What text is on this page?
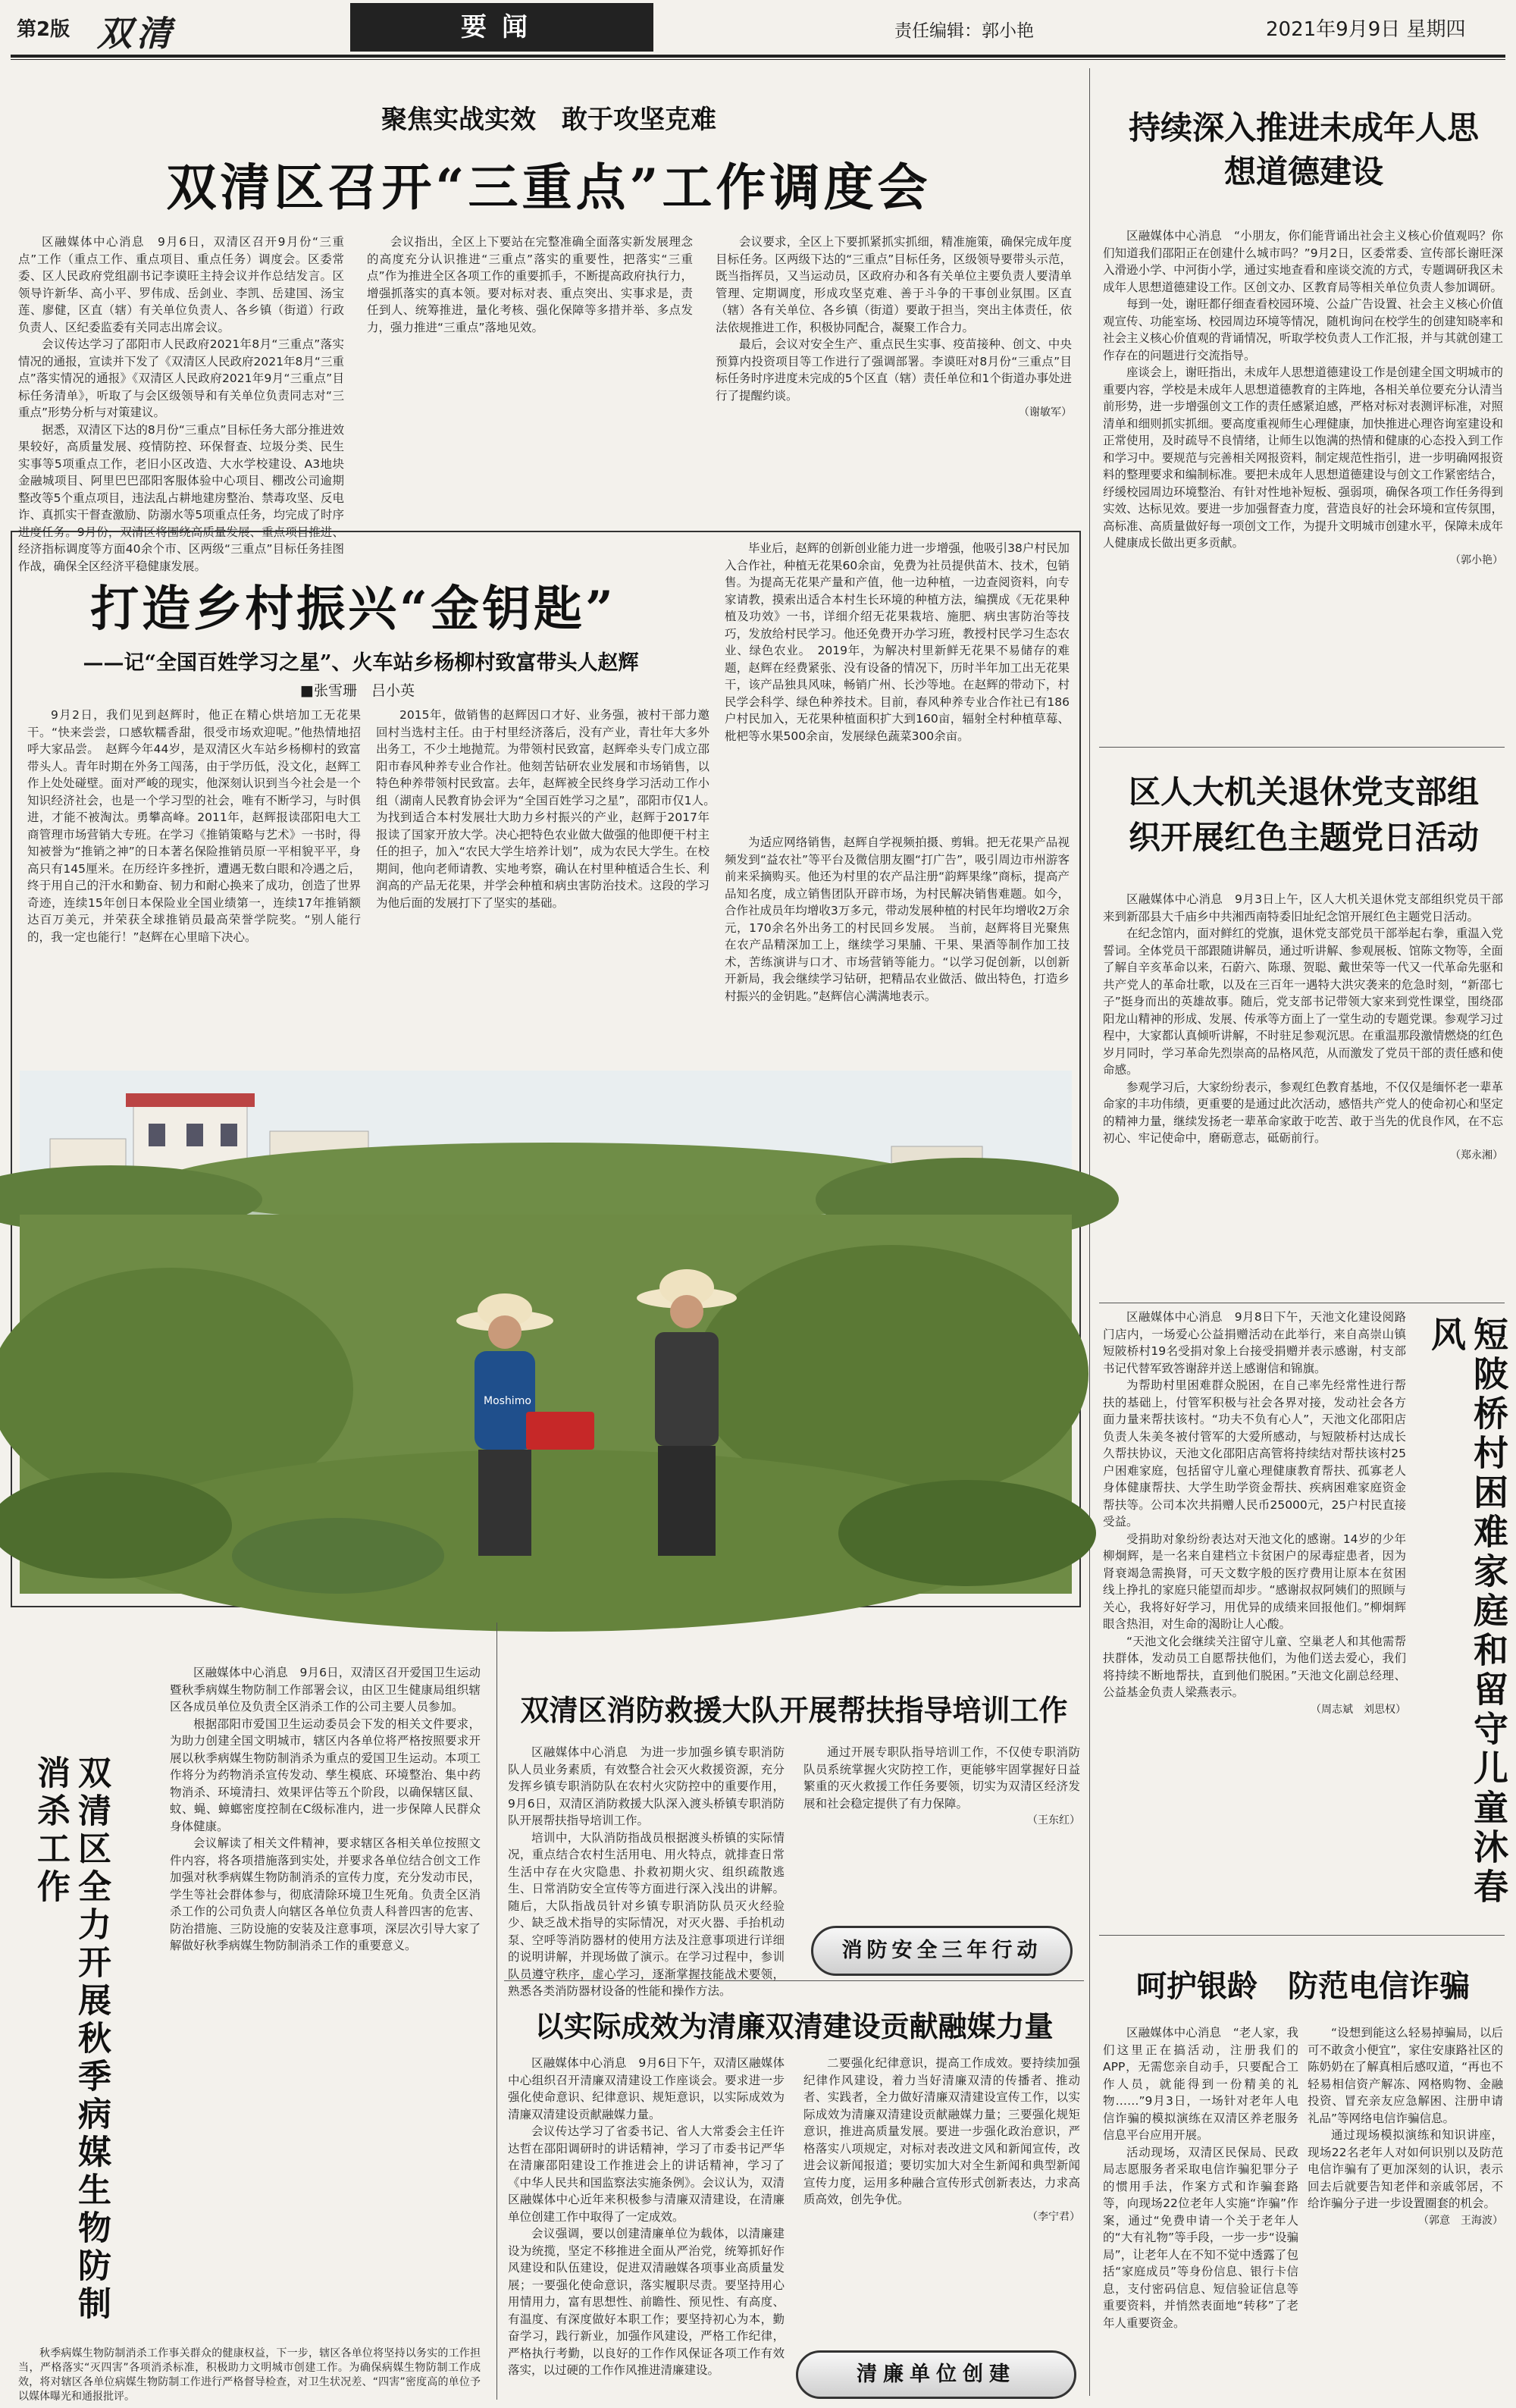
第2版 双清	要闻	责任编辑：郭小艳	2021年9月9日 星期四
聚焦实战实效　敢于攻坚克难
双清区召开“三重点”工作调度会

区融媒体中心消息　9月6日，双清区召开9月份“三重点”工作（重点工作、重点项目、重点任务）调度会。区委常委、区人民政府党组副书记李谟旺主持会议并作总结发言。区领导许新华、高小平、罗伟成、岳剑业、李凯、岳建国、汤宝莲、廖健，区直（辖）有关单位负责人、各乡镇（街道）行政负责人、区纪委监委有关同志出席会议。

会议传达学习了邵阳市人民政府2021年8月“三重点”落实情况的通报，宣读并下发了《双清区人民政府2021年8月“三重点”落实情况的通报》《双清区人民政府2021年9月“三重点”目标任务清单》，听取了与会区级领导和有关单位负责同志对“三重点”形势分析与对策建议。

据悉，双清区下达的8月份“三重点”目标任务大部分推进效果较好，高质量发展、疫情防控、环保督查、垃圾分类、民生实事等5项重点工作，老旧小区改造、大水学校建设、A3地块金融城项目、阿里巴巴邵阳客服体验中心项目、棚改公司逾期整改等5个重点项目，违法乱占耕地建房整治、禁毒攻坚、反电诈、真抓实干督查激励、防溺水等5项重点任务，均完成了时序进度任务。9月份，双清区将围绕高质量发展、重点项目推进、经济指标调度等方面40余个市、区两级“三重点”目标任务挂图作战，确保全区经济平稳健康发展。

会议指出，全区上下要站在完整准确全面落实新发展理念的高度充分认识推进“三重点”落实的重要性，把落实“三重点”作为推进全区各项工作的重要抓手，不断提高政府执行力，增强抓落实的真本领。要对标对表、重点突出、实事求是，责任到人、统筹推进，量化考核、强化保障等多措并举、多点发力，强力推进“三重点”落地见效。

会议要求，全区上下要抓紧抓实抓细，精准施策，确保完成年度目标任务。区两级下达的“三重点”目标任务，区级领导要带头示范，既当指挥员，又当运动员，区政府办和各有关单位主要负责人要清单管理、定期调度，形成攻坚克难、善于斗争的干事创业氛围。区直（辖）各有关单位、各乡镇（街道）要敢于担当，突出主体责任，依法依规推进工作，积极协同配合，凝聚工作合力。

最后，会议对安全生产、重点民生实事、疫苗接种、创文、中央预算内投资项目等工作进行了强调部署。李谟旺对8月份“三重点”目标任务时序进度未完成的5个区直（辖）责任单位和1个街道办事处进行了提醒约谈。

（谢敏军）
打造乡村振兴“金钥匙”
——记“全国百姓学习之星”、火车站乡杨柳村致富带头人赵辉
■张雪珊　吕小英

9月2日，我们见到赵辉时，他正在精心烘培加工无花果干。“快来尝尝，口感软糯香甜，很受市场欢迎呢。”他热情地招呼大家品尝。　赵辉今年44岁，是双清区火车站乡杨柳村的致富带头人。青年时期在外务工闯荡，由于学历低，没文化，赵辉工作上处处碰壁。面对严峻的现实，他深刻认识到当今社会是一个知识经济社会，也是一个学习型的社会，唯有不断学习，与时俱进，才能不被淘汰。勇攀高峰。2011年，赵辉报读邵阳电大工商管理市场营销大专班。在学习《推销策略与艺术》一书时，得知被誉为“推销之神”的日本著名保险推销员原一平相貌平平，身高只有145厘米。在历经许多挫折，遭遇无数白眼和冷遇之后，终于用自己的汗水和勤奋、韧力和耐心换来了成功，创造了世界奇迹，连续15年创日本保险业全国业绩第一，连续17年推销额达百万美元，并荣获全球推销员最高荣誉学院奖。“别人能行的，我一定也能行！”赵辉在心里暗下决心。

2015年，做销售的赵辉因口才好、业务强，被村干部力邀回村当选村主任。由于村里经济落后，没有产业，青壮年大多外出务工，不少土地抛荒。为带领村民致富，赵辉牵头专门成立邵阳市春风种养专业合作社。他刻苦钻研农业发展和市场销售，以特色种养带领村民致富。去年，赵辉被全民终身学习活动工作小组（湖南人民教育协会评为“全国百姓学习之星”，邵阳市仅1人。　为找到适合本村发展壮大助力乡村振兴的产业，赵辉于2017年报读了国家开放大学。决心把特色农业做大做强的他即便干村主任的担子，加入“农民大学生培养计划”，成为农民大学生。在校期间，他向老师请教、实地考察，确认在村里种植适合生长、利润高的产品无花果，并学会种植和病虫害防治技术。这段的学习为他后面的发展打下了坚实的基础。

毕业后，赵辉的创新创业能力进一步增强，他吸引38户村民加入合作社，种植无花果60余亩，免费为社员提供苗木、技术，包销售。为提高无花果产量和产值，他一边种植，一边查阅资料，向专家请教，摸索出适合本村生长环境的种植方法，编撰成《无花果种植及功效》一书，详细介绍无花果栽培、施肥、病虫害防治等技巧，发放给村民学习。他还免费开办学习班，教授村民学习生态农业、绿色农业。　2019年，为解决村里新鲜无花果不易储存的难题，赵辉在经费紧张、没有设备的情况下，历时半年加工出无花果干，该产品独具风味，畅销广州、长沙等地。在赵辉的带动下，村民学会科学、绿色种养技术。目前，春风种养专业合作社已有186户村民加入，无花果种植面积扩大到160亩，辐射全村种植草莓、枇杷等水果500余亩，发展绿色蔬菜300余亩。

为适应网络销售，赵辉自学视频拍摄、剪辑。把无花果产品视频发到“益农社”等平台及微信朋友圈“打广告”，吸引周边市州游客前来采摘购买。他还为村里的农产品注册“韵辉果缘”商标，提高产品知名度，成立销售团队开辟市场，为村民解决销售难题。如今，合作社成员年均增收3万多元，带动发展种植的村民年均增收2万余元，170余名外出务工的村民回乡发展。　当前，赵辉将目光聚焦在农产品精深加工上，继续学习果脯、干果、果酒等制作加工技术，苦练演讲与口才、市场营销等能力。“以学习促创新，以创新开新局，我会继续学习钻研，把精品农业做活、做出特色，打造乡村振兴的金钥匙。”赵辉信心满满地表示。

Moshimo
持续深入推进未成年人思想道德建设

区融媒体中心消息　“小朋友，你们能背诵出社会主义核心价值观吗？你们知道我们邵阳正在创建什么城市吗？”9月2日，区委常委、宣传部长谢旺深入滑逊小学、中河街小学，通过实地查看和座谈交流的方式，专题调研我区未成年人思想道德建设工作。区创文办、区教育局等相关单位负责人参加调研。

每到一处，谢旺都仔细查看校园环境、公益广告设置、社会主义核心价值观宣传、功能室场、校园周边环境等情况，随机询问在校学生的创建知晓率和社会主义核心价值观的背诵情况，听取学校负责人工作汇报，并与其就创建工作存在的问题进行交流指导。

座谈会上，谢旺指出，未成年人思想道德建设工作是创建全国文明城市的重要内容，学校是未成年人思想道德教育的主阵地，各相关单位要充分认清当前形势，进一步增强创文工作的责任感紧迫感，严格对标对表测评标准，对照清单和细则抓实抓细。要高度重视师生心理健康，加快推进心理咨询室建设和正常使用，及时疏导不良情绪，让师生以饱满的热情和健康的心态投入到工作和学习中。要规范与完善相关网报资料，制定规范性指引，进一步明确网报资料的整理要求和编制标准。要把未成年人思想道德建设与创文工作紧密结合，纾缓校园周边环境整治、有针对性地补短板、强弱项，确保各项工作任务得到实效、达标见效。要进一步加强督查力度，营造良好的社会环境和宣传氛围，高标准、高质量做好每一项创文工作，为提升文明城市创建水平，保障未成年人健康成长做出更多贡献。

（郭小艳）
区人大机关退休党支部组织开展红色主题党日活动

区融媒体中心消息　9月3日上午，区人大机关退休党支部组织党员干部来到新邵县大千庙乡中共湘西南特委旧址纪念馆开展红色主题党日活动。

在纪念馆内，面对鲜红的党旗，退休党支部党员干部举起右拳，重温入党誓词。全体党员干部跟随讲解员，通过听讲解、参观展板、馆陈文物等，全面了解自辛亥革命以来，石蔚六、陈璟、贺聪、戴世荣等一代又一代革命先驱和共产党人的革命壮歌，以及在三百年一遇特大洪灾袭来的危急时刻，“新邵七子”挺身而出的英雄故事。随后，党支部书记带领大家来到党性课堂，围绕邵阳龙山精神的形成、发展、传承等方面上了一堂生动的专题党课。参观学习过程中，大家都认真倾听讲解，不时驻足参观沉思。在重温那段激情燃烧的红色岁月同时，学习革命先烈崇高的品格风范，从而激发了党员干部的责任感和使命感。

参观学习后，大家纷纷表示，参观红色教育基地，不仅仅是缅怀老一辈革命家的丰功伟绩，更重要的是通过此次活动，感悟共产党人的使命初心和坚定的精神力量，继续发扬老一辈革命家敢于吃苦、敢于当先的优良作风，在不忘初心、牢记使命中，磨砺意志，砥砺前行。

（郑永湘）

区融媒体中心消息　9月8日下午，天池文化建设阅路门店内，一场爱心公益捐赠活动在此举行，来自高崇山镇短陂桥村19名受捐对象上台接受捐赠并表示感谢，村支部书记代替军致答谢辞并送上感谢信和锦旗。

为帮助村里困难群众脱困，在自己率先经常性进行帮扶的基础上，付管军积极与社会各界对接，发动社会各方面力量来帮扶该村。“功夫不负有心人”，天池文化邵阳店负责人朱美冬被付管军的大爱所感动，与短陂桥村达成长久帮扶协议，天池文化邵阳店高管将持续结对帮扶该村25户困难家庭，包括留守儿童心理健康教育帮扶、孤寡老人身体健康帮扶、大学生助学资金帮扶、疾病困难家庭资金帮扶等。公司本次共捐赠人民币25000元，25户村民直接受益。

受捐助对象纷纷表达对天池文化的感谢。14岁的少年柳炯辉，是一名来自建档立卡贫困户的尿毒症患者，因为肾衰竭急需换肾，可天文数字般的医疗费用让原本在贫困线上挣扎的家庭只能望而却步。“感谢叔叔阿姨们的照顾与关心，我将好好学习，用优异的成绩来回报他们。”柳炯辉眼含热泪，对生命的渴盼让人心酸。

“天池文化会继续关注留守儿童、空巢老人和其他需帮扶群体，发动员工自愿帮扶他们，为他们送去爱心，我们将持续不断地帮扶，直到他们脱困。”天池文化副总经理、公益基金负责人梁燕表示。

（周志斌　刘思权）	短陂桥村困难家庭和留守儿童沐春风
呵护银龄　防范电信诈骗

区融媒体中心消息　“老人家，我们这里正在搞活动，注册我们的APP，无需您亲自动手，只要配合工作人员，就能得到一份精美的礼物……”9月3日，一场针对老年人电信诈骗的模拟演练在双清区养老服务信息平台应用开展。

活动现场，双清区民保局、民政局志愿服务者采取电信诈骗犯罪分子的惯用手法，作案方式和诈骗套路等，向现场22位老年人实施“诈骗”作案，通过“免费申请一个关于老年人的“大有礼物”等手段，一步一步“设骗局”，让老年人在不知不觉中透露了包括“家庭成员”等身份信息、银行卡信息，支付密码信息、短信验证信息等重要资料，并悄然表面地“转移”了老年人重要资金。

“设想到能这么轻易掉骗局，以后可不敢贪小便宜”，家住安康路社区的陈奶奶在了解真相后感叹道，“再也不轻易相信资产解冻、网格购物、金融投资、冒充亲友应急解困、注册申请礼品”等网络电信诈骗信息。

通过现场模拟演练和知识讲座，现场22名老年人对如何识别以及防范电信诈骗有了更加深刻的认识，表示回去后就要告知老伴和亲戚邻居，不给诈骗分子进一步设置圈套的机会。

（郭意　王海波）
双清区全力开展秋季病媒生物防制消杀工作

区融媒体中心消息　9月6日，双清区召开爱国卫生运动暨秋季病媒生物防制工作部署会议，由区卫生健康局组织辖区各成员单位及负责全区消杀工作的公司主要人员参加。

根据邵阳市爱国卫生运动委员会下发的相关文件要求，为助力创建全国文明城市，辖区内各单位将严格按照要求开展以秋季病媒生物防制消杀为重点的爱国卫生运动。本项工作将分为药物消杀宣传发动、孳生模底、环境整治、集中药物消杀、环境清扫、效果评估等五个阶段，以确保辖区鼠、蚊、蝇、蟑螂密度控制在C级标准内，进一步保障人民群众身体健康。

会议解读了相关文件精神，要求辖区各相关单位按照文件内容，将各项措施落到实处，并要求各单位结合创文工作加强对秋季病媒生物防制消杀的宣传力度，充分发动市民，学生等社会群体参与，彻底清除环境卫生死角。负责全区消杀工作的公司负责人向辖区各单位负责人科普四害的危害、防治措施、三防设施的安装及注意事项，深层次引导大家了解做好秋季病媒生物防制消杀工作的重要意义。

秋季病媒生物防制消杀工作事关群众的健康权益，下一步，辖区各单位将坚持以务实的工作担当，严格落实“灭四害”各项消杀标准，积极助力文明城市创建工作。为确保病媒生物防制工作成效，将对辖区各单位病媒生物防制工作进行严格督导检查，对卫生状况差、“四害”密度高的单位予以媒体曝光和通报批评。

双清区消防救援大队开展帮扶指导培训工作

区融媒体中心消息　为进一步加强乡镇专职消防队人员业务素质，有效整合社会灭火救援资源，充分发挥乡镇专职消防队在农村火灾防控中的重要作用，9月6日，双清区消防救援大队深入渡头桥镇专职消防队开展帮扶指导培训工作。

培训中，大队消防指战员根据渡头桥镇的实际情况，重点结合农村生活用电、用火特点，就排查日常生活中存在火灾隐患、扑救初期火灾、组织疏散逃生、日常消防安全宣传等方面进行深入浅出的讲解。随后，大队指战员针对乡镇专职消防队员灭火经验少、缺乏战术指导的实际情况，对灭火器、手抬机动泵、空呼等消防器材的使用方法及注意事项进行详细的说明讲解，并现场做了演示。在学习过程中，参训队员遵守秩序，虚心学习，逐渐掌握技能战术要领，熟悉各类消防器材设备的性能和操作方法。

通过开展专职队指导培训工作，不仅使专职消防队员系统掌握火灾防控工作，更能够牢固掌握好日益繁重的灭火救援工作任务要领，切实为双清区经济发展和社会稳定提供了有力保障。

（王东红）
消防安全三年行动
以实际成效为清廉双清建设贡献融媒力量

区融媒体中心消息　9月6日下午，双清区融媒体中心组织召开清廉双清建设工作座谈会。要求进一步强化使命意识、纪律意识、规矩意识，以实际成效为清廉双清建设贡献融媒力量。

会议传达学习了省委书记、省人大常委会主任许达哲在邵阳调研时的讲话精神，学习了市委书记严华在清廉邵阳建设工作推进会上的讲话精神，学习了《中华人民共和国监察法实施条例》。会议认为，双清区融媒体中心近年来积极参与清廉双清建设，在清廉单位创建工作中取得了一定成效。

会议强调，要以创建清廉单位为载体，以清廉建设为统揽，坚定不移推进全面从严治党，统筹抓好作风建设和队伍建设，促进双清融媒各项事业高质量发展；一要强化使命意识，落实履职尽责。要坚持用心用情用力，富有思想性、前瞻性、预见性、有高度、有温度、有深度做好本职工作；要坚持初心为本，勤奋学习，践行新业，加强作风建设，严格工作纪律，严格执行考勤，以良好的工作作风保证各项工作有效落实，以过硬的工作作风推进清廉建设。

二要强化纪律意识，提高工作成效。要持续加强纪律作风建设，着力当好清廉双清的传播者、推动者、实践者，全力做好清廉双清建设宣传工作，以实际成效为清廉双清建设贡献融媒力量；三要强化规矩意识，推进高质量发展。要进一步强化政治意识，严格落实八项规定，对标对表改进文风和新闻宣传，改进会议新闻报道；要切实加大对全生新闻和典型新闻宣传力度，运用多种融合宣传形式创新表达，力求高质高效，创先争优。

（李宁君）
清廉单位创建
